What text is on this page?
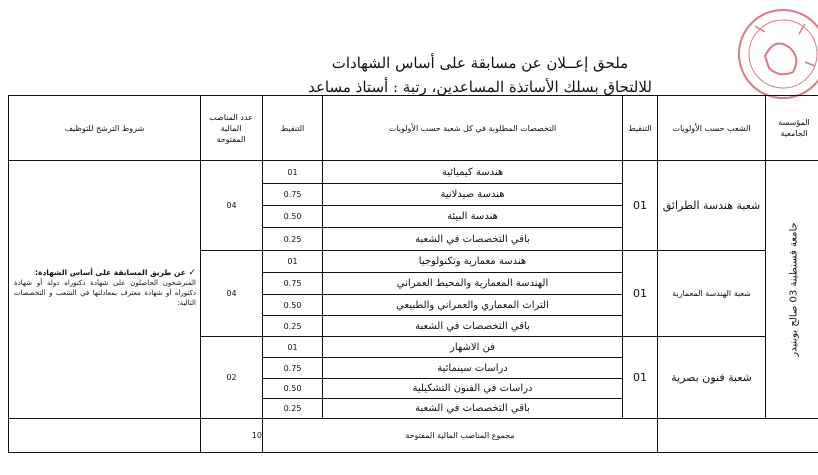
ملحق إعــلان عن مسابقة على أساس الشهادات
للالتحاق بسلك الأساتذة المساعدين، رتبة : أستاذ مساعد
المؤسسة الجامعية
الشعب حسب الأولويات
التنقيط
التخصصات المطلوبة في كل شعبة حسب الأولويات
التنقيط
عدد المناصب المالية المفتوحة
شروط الترشح للتوظيف
جامعة قسنطينة 03 صالح بوبنيدر
شعبة هندسة الطرائق
01
04
هندسة كيميائية
01
هندسة صيدلانية
0.75
هندسة البيئة
0.50
باقي التخصصات في الشعبة
0.25
شعبة الهندسة المعمارية
01
04
هندسة معمارية وتكنولوجيا
01
الهندسة المعمارية والمحيط العمراني
0.75
التراث المعماري والعمراني والطبيعي
0.50
باقي التخصصات في الشعبة
0.25
شعبة فنون بصرية
01
02
فن الاشهار
01
دراسات سينمائية
0.75
دراسات في الفنون التشكيلية
0.50
باقي التخصصات في الشعبة
0.25
✓ عن طريق المسابقة على أساس الشهادة:
المترشحون الحاصلون على شهادة دكتوراه دولة أو شهادة دكتوراه أو شهادة معترف بمعادلتها في الشعب و التخصصات التالية:
مجموع المناصب المالية المفتوحة
10
